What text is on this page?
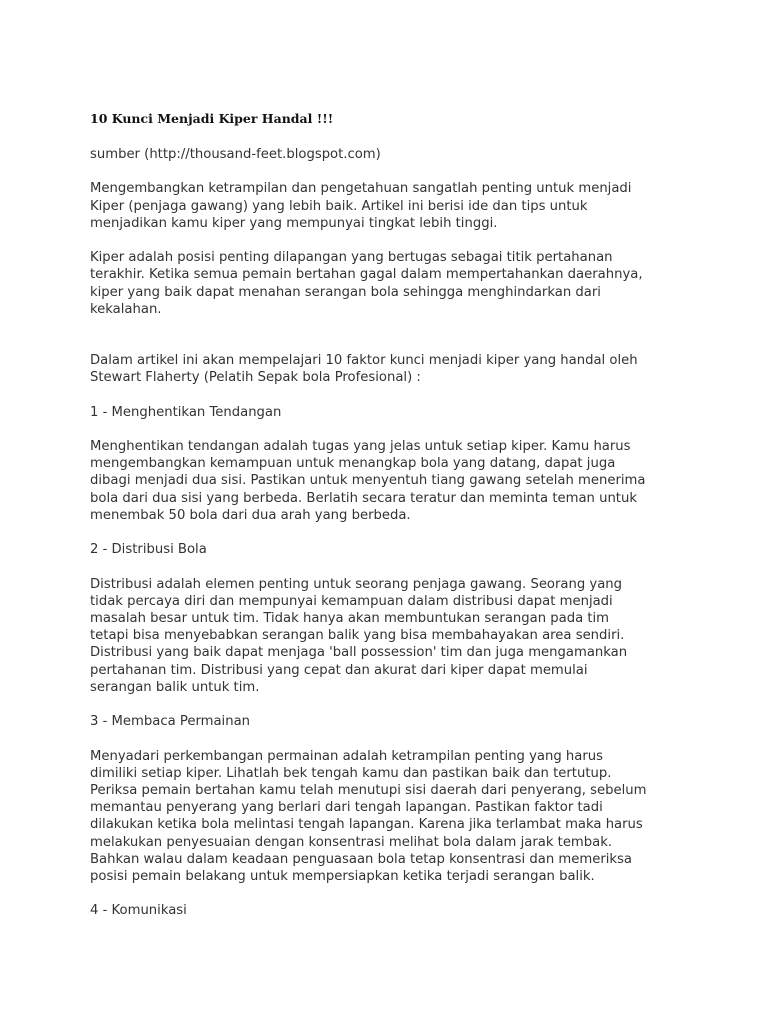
10 Kunci Menjadi Kiper Handal !!!
sumber (http://thousand-feet.blogspot.com)
Mengembangkan ketrampilan dan pengetahuan sangatlah penting untuk menjadi
Kiper (penjaga gawang) yang lebih baik. Artikel ini berisi ide dan tips untuk
menjadikan kamu kiper yang mempunyai tingkat lebih tinggi.
Kiper adalah posisi penting dilapangan yang bertugas sebagai titik pertahanan
terakhir. Ketika semua pemain bertahan gagal dalam mempertahankan daerahnya,
kiper yang baik dapat menahan serangan bola sehingga menghindarkan dari
kekalahan.
Dalam artikel ini akan mempelajari 10 faktor kunci menjadi kiper yang handal oleh
Stewart Flaherty (Pelatih Sepak bola Profesional) :
1 - Menghentikan Tendangan
Menghentikan tendangan adalah tugas yang jelas untuk setiap kiper. Kamu harus
mengembangkan kemampuan untuk menangkap bola yang datang, dapat juga
dibagi menjadi dua sisi. Pastikan untuk menyentuh tiang gawang setelah menerima
bola dari dua sisi yang berbeda. Berlatih secara teratur dan meminta teman untuk
menembak 50 bola dari dua arah yang berbeda.
2 - Distribusi Bola
Distribusi adalah elemen penting untuk seorang penjaga gawang. Seorang yang
tidak percaya diri dan mempunyai kemampuan dalam distribusi dapat menjadi
masalah besar untuk tim. Tidak hanya akan membuntukan serangan pada tim
tetapi bisa menyebabkan serangan balik yang bisa membahayakan area sendiri.
Distribusi yang baik dapat menjaga 'ball possession' tim dan juga mengamankan
pertahanan tim. Distribusi yang cepat dan akurat dari kiper dapat memulai
serangan balik untuk tim.
3 - Membaca Permainan
Menyadari perkembangan permainan adalah ketrampilan penting yang harus
dimiliki setiap kiper. Lihatlah bek tengah kamu dan pastikan baik dan tertutup.
Periksa pemain bertahan kamu telah menutupi sisi daerah dari penyerang, sebelum
memantau penyerang yang berlari dari tengah lapangan. Pastikan faktor tadi
dilakukan ketika bola melintasi tengah lapangan. Karena jika terlambat maka harus
melakukan penyesuaian dengan konsentrasi melihat bola dalam jarak tembak.
Bahkan walau dalam keadaan penguasaan bola tetap konsentrasi dan memeriksa
posisi pemain belakang untuk mempersiapkan ketika terjadi serangan balik.
4 - Komunikasi
